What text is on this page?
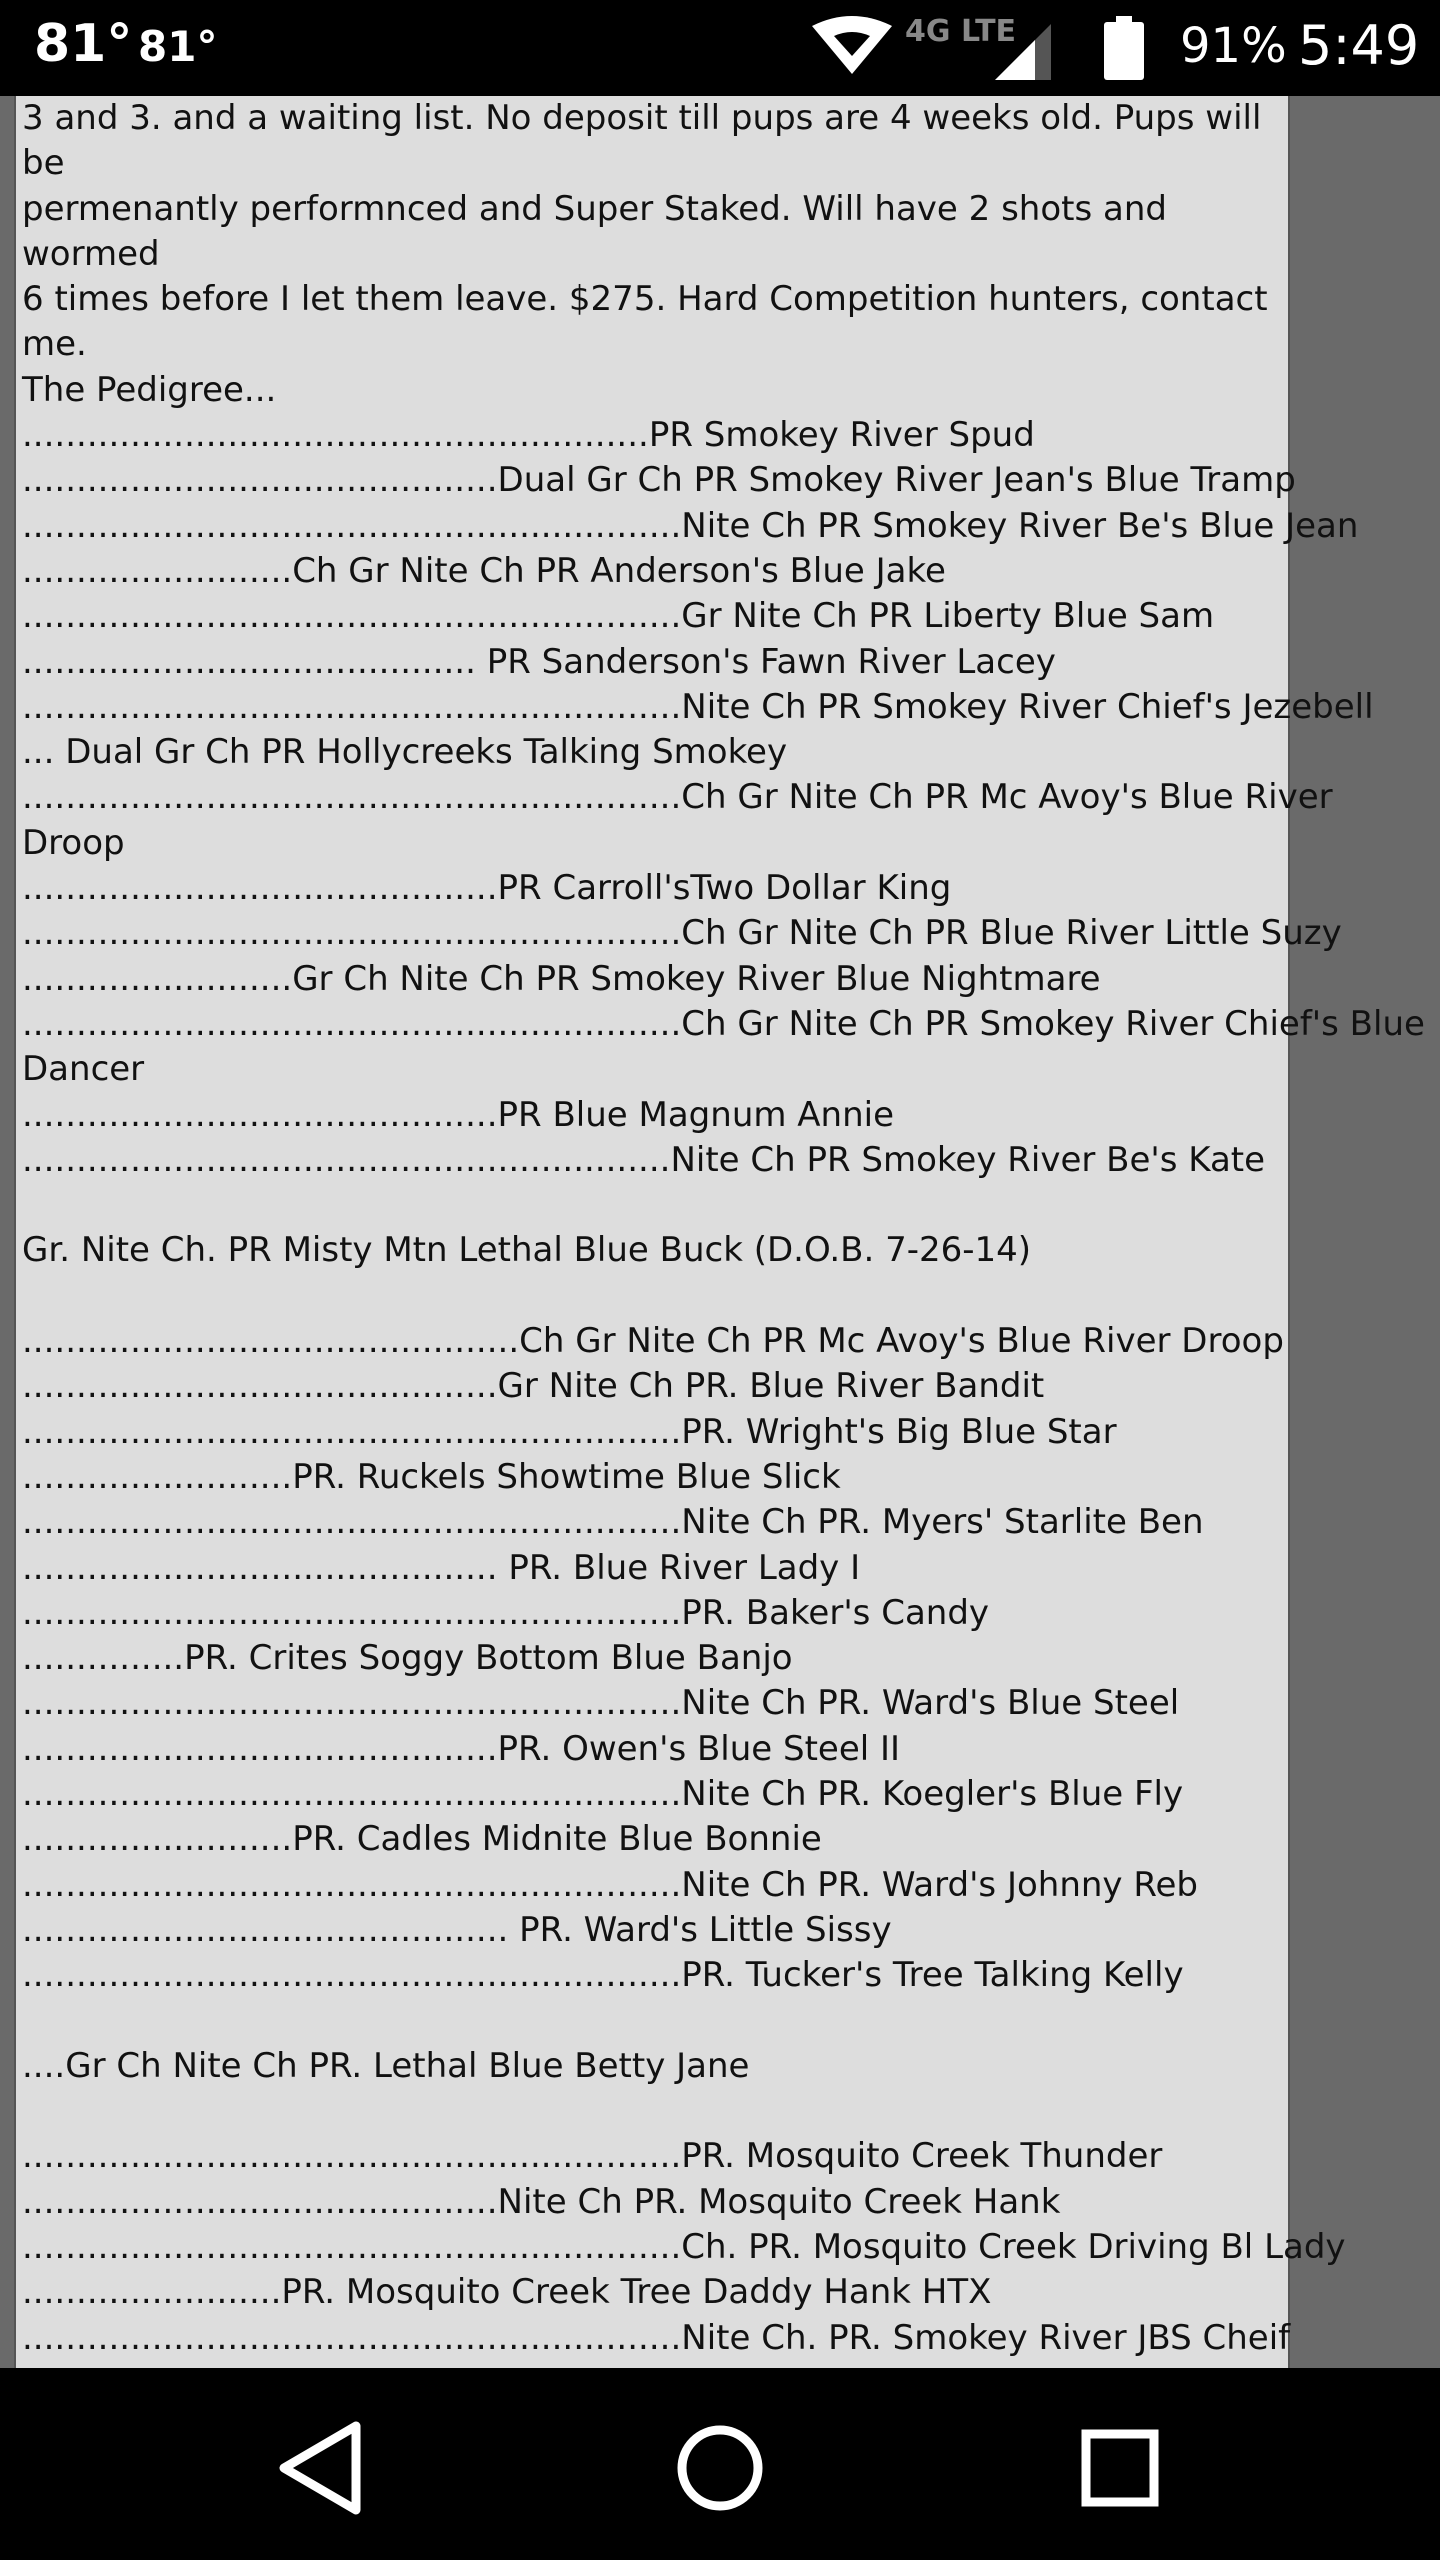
81° 81°	4G LTE	91% 5:49
3 and 3. and a waiting list. No deposit till pups are 4 weeks old. Pups will be
permenantly performnced and Super Staked. Will have 2 shots and wormed
6 times before I let them leave. $275. Hard Competition hunters, contact
me.
The Pedigree...
..........................................................PR Smokey River Spud
............................................Dual Gr Ch PR Smokey River Jean's Blue Tramp
.............................................................Nite Ch PR Smokey River Be's Blue Jean
.........................Ch Gr Nite Ch PR Anderson's Blue Jake
.............................................................Gr Nite Ch PR Liberty Blue Sam
.......................................... PR Sanderson's Fawn River Lacey
.............................................................Nite Ch PR Smokey River Chief's Jezebell
... Dual Gr Ch PR Hollycreeks Talking Smokey
.............................................................Ch Gr Nite Ch PR Mc Avoy's Blue River
Droop
............................................PR Carroll'sTwo Dollar King
.............................................................Ch Gr Nite Ch PR Blue River Little Suzy
.........................Gr Ch Nite Ch PR Smokey River Blue Nightmare
.............................................................Ch Gr Nite Ch PR Smokey River Chief's Blue
Dancer
............................................PR Blue Magnum Annie
............................................................Nite Ch PR Smokey River Be's Kate
Gr. Nite Ch. PR Misty Mtn Lethal Blue Buck (D.O.B. 7-26-14)
..............................................Ch Gr Nite Ch PR Mc Avoy's Blue River Droop
............................................Gr Nite Ch PR. Blue River Bandit
.............................................................PR. Wright's Big Blue Star
.........................PR. Ruckels Showtime Blue Slick
.............................................................Nite Ch PR. Myers' Starlite Ben
............................................ PR. Blue River Lady I
.............................................................PR. Baker's Candy
...............PR. Crites Soggy Bottom Blue Banjo
.............................................................Nite Ch PR. Ward's Blue Steel
............................................PR. Owen's Blue Steel II
.............................................................Nite Ch PR. Koegler's Blue Fly
.........................PR. Cadles Midnite Blue Bonnie
.............................................................Nite Ch PR. Ward's Johnny Reb
............................................. PR. Ward's Little Sissy
.............................................................PR. Tucker's Tree Talking Kelly
....Gr Ch Nite Ch PR. Lethal Blue Betty Jane
.............................................................PR. Mosquito Creek Thunder
............................................Nite Ch PR. Mosquito Creek Hank
.............................................................Ch. PR. Mosquito Creek Driving Bl Lady
........................PR. Mosquito Creek Tree Daddy Hank HTX
.............................................................Nite Ch. PR. Smokey River JBS Cheif
